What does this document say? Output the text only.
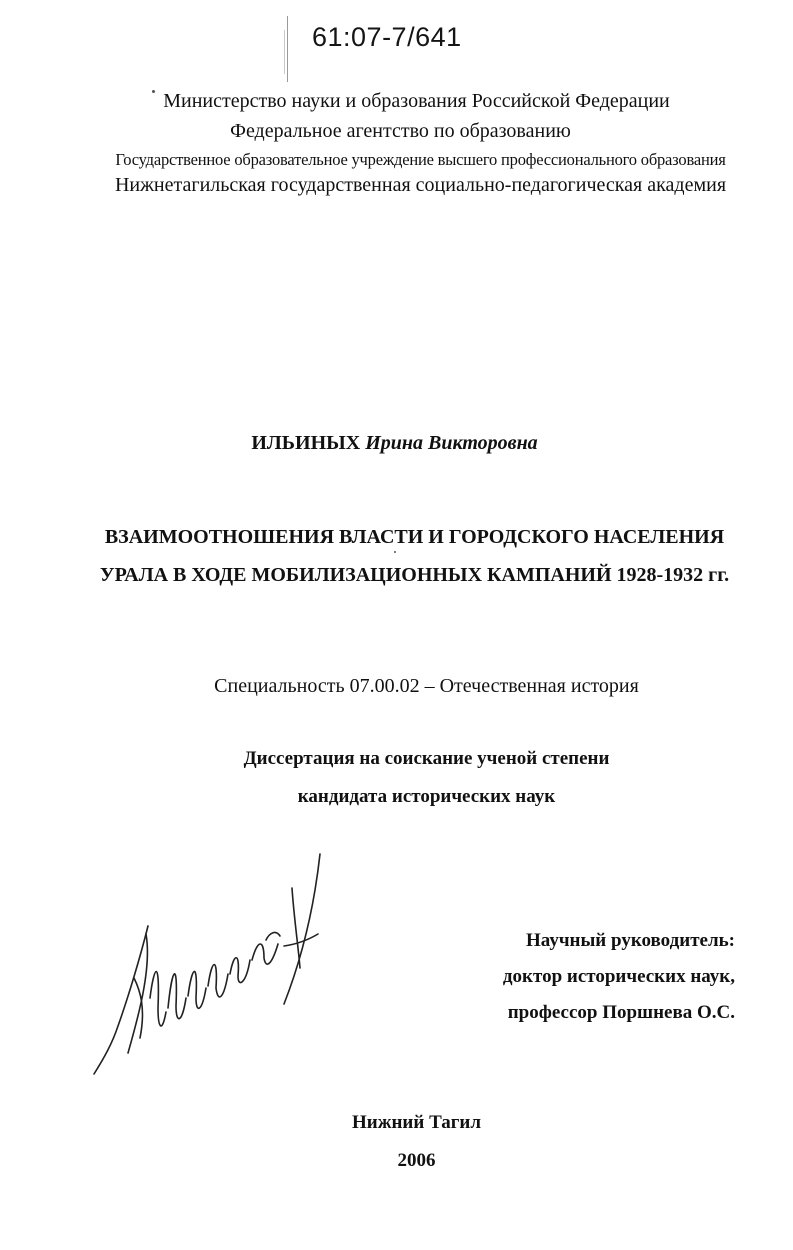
61:07-7/641
Министерство науки и образования Российской Федерации
Федеральное агентство по образованию
Государственное образовательное учреждение высшего профессионального образования
Нижнетагильская государственная социально-педагогическая академия
ИЛЬИНЫХ Ирина Викторовна
ВЗАИМООТНОШЕНИЯ ВЛАСТИ И ГОРОДСКОГО НАСЕЛЕНИЯ
УРАЛА В ХОДЕ МОБИЛИЗАЦИОННЫХ КАМПАНИЙ 1928-1932 гг.
Специальность 07.00.02 – Отечественная история
Диссертация на соискание ученой степени
кандидата исторических наук
Научный руководитель:
доктор исторических наук,
профессор Поршнева О.С.
Нижний Тагил
2006
